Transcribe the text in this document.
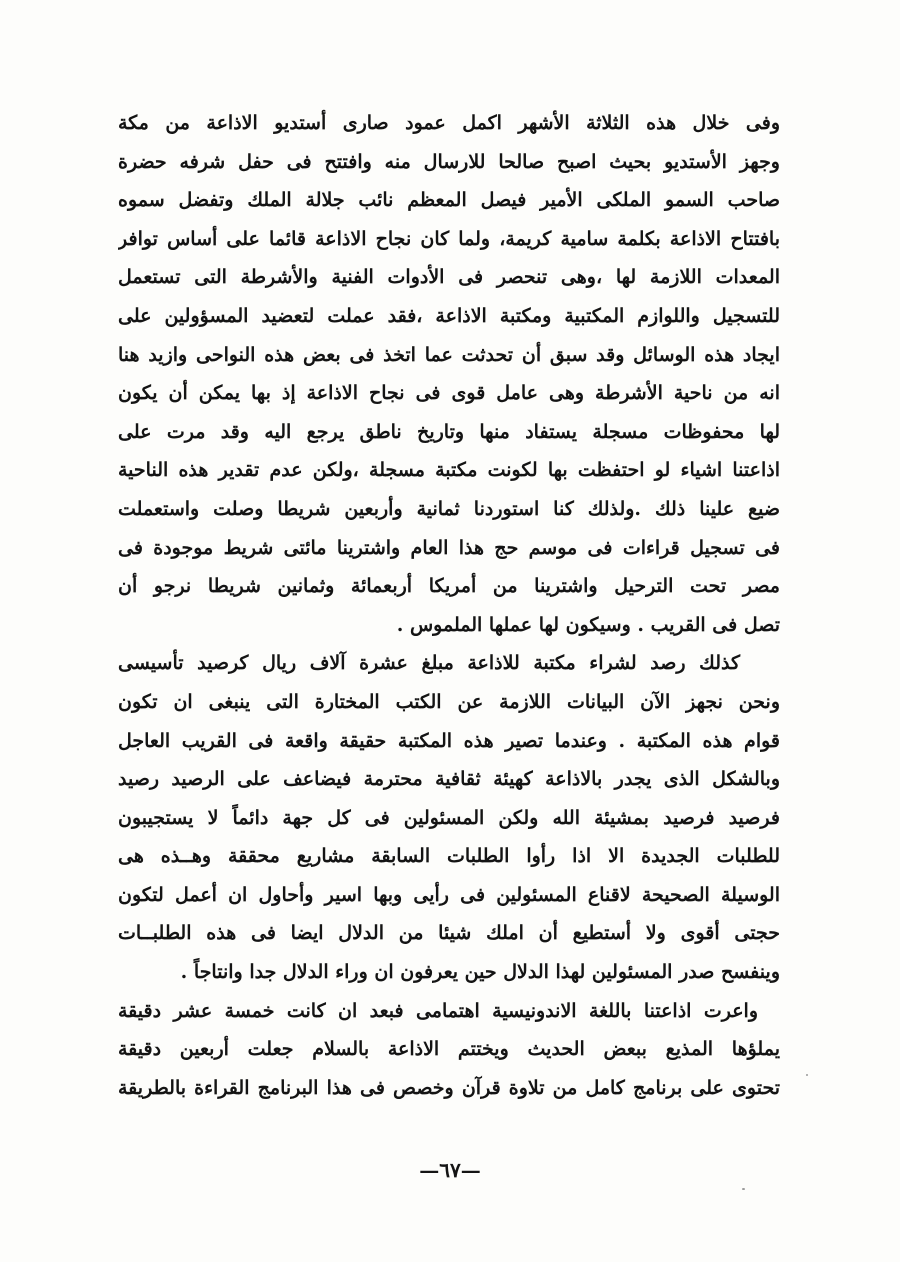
وفى خلال هذه الثلاثة الأشهر اكمل عمود صارى أستديو الاذاعة من مكة
وجهز الأستديو بحيث اصبح صالحا للارسال منه وافتتح فى حفل شرفه حضرة
صاحب السمو الملكى الأمير فيصل المعظم نائب جلالة الملك وتفضل سموه
بافتتاح الاذاعة بكلمة سامية كريمة، ولما كان نجاح الاذاعة قائما على أساس توافر
المعدات اللازمة لها ،وهى تنحصر فى الأدوات الفنية والأشرطة التى تستعمل
للتسجيل واللوازم المكتبية ومكتبة الاذاعة ،فقد عملت لتعضيد المسؤولين على
ايجاد هذه الوسائل وقد سبق أن تحدثت عما اتخذ فى بعض هذه النواحى وازيد هنا
انه من ناحية الأشرطة وهى عامل قوى فى نجاح الاذاعة إذ بها يمكن أن يكون
لها محفوظات مسجلة يستفاد منها وتاريخ ناطق يرجع اليه وقد مرت على
اذاعتنا اشياء لو احتفظت بها لكونت مكتبة مسجلة ،ولكن عدم تقدير هذه الناحية
ضيع علينا ذلك .ولذلك كنا استوردنا ثمانية وأربعين شريطا وصلت واستعملت
فى تسجيل قراءات فى موسم حج هذا العام واشترينا مائتى شريط موجودة فى
مصر تحت الترحيل واشترينا من أمريكا أربعمائة وثمانين شريطا نرجو أن
تصل فى القريب . وسيكون لها عملها الملموس .
كذلك رصد لشراء مكتبة للاذاعة مبلغ عشرة آلاف ريال كرصيد تأسيسى
ونحن نجهز الآن البيانات اللازمة عن الكتب المختارة التى ينبغى ان تكون
قوام هذه المكتبة . وعندما تصير هذه المكتبة حقيقة واقعة فى القريب العاجل
وبالشكل الذى يجدر بالاذاعة كهيئة ثقافية محترمة فيضاعف على الرصيد رصيد
فرصيد فرصيد بمشيئة الله ولكن المسئولين فى كل جهة دائماً لا يستجيبون
للطلبات الجديدة الا اذا رأوا الطلبات السابقة مشاريع محققة وهــذه هى
الوسيلة الصحيحة لاقناع المسئولين فى رأيى وبها اسير وأحاول ان أعمل لتكون
حجتى أقوى ولا أستطيع أن املك شيئا من الدلال ايضا فى هذه الطلبــات
وينفسح صدر المسئولين لهذا الدلال حين يعرفون ان وراء الدلال جدا وانتاجاً .
واعرت اذاعتنا باللغة الاندونيسية اهتمامى فبعد ان كانت خمسة عشر دقيقة
يملؤها المذيع ببعض الحديث ويختتم الاذاعة بالسلام جعلت أربعين دقيقة
تحتوى على برنامج كامل من تلاوة قرآن وخصص فى هذا البرنامج القراءة بالطريقة
—٦٧—
